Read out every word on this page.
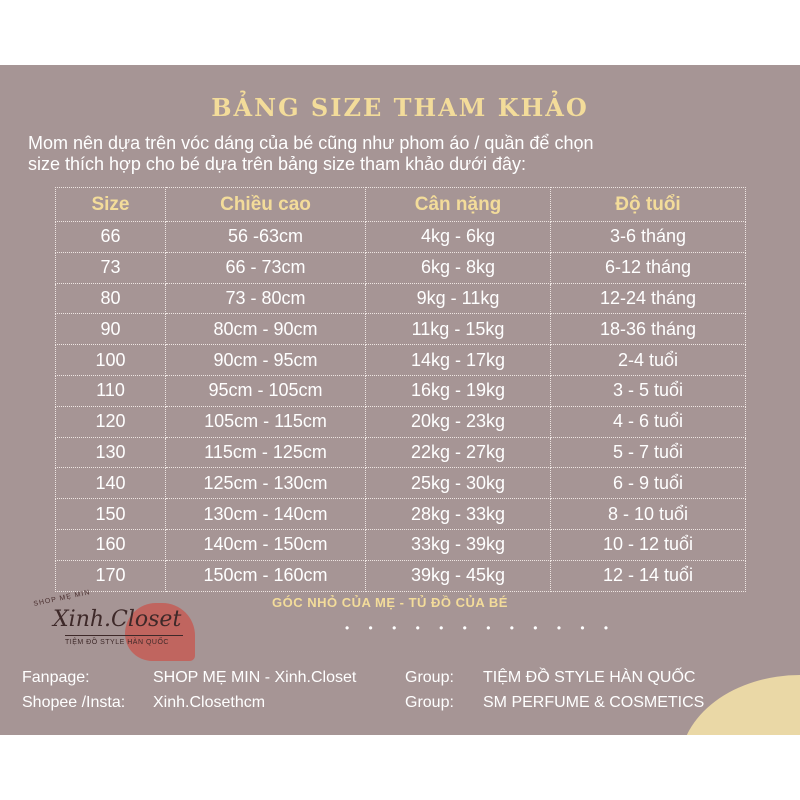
BẢNG SIZE THAM KHẢO
Mom nên dựa trên vóc dáng của bé cũng như phom áo / quần để chọn
size thích hợp cho bé dựa trên bảng size tham khảo dưới đây:
Size	Chiều cao	Cân nặng	Độ tuổi
66	56 -63cm	4kg - 6kg	3-6 tháng
73	66 - 73cm	6kg - 8kg	6-12 tháng
80	73 - 80cm	9kg - 11kg	12-24 tháng
90	80cm - 90cm	11kg - 15kg	18-36 tháng
100	90cm - 95cm	14kg - 17kg	2-4 tuổi
110	95cm - 105cm	16kg - 19kg	3 - 5 tuổi
120	105cm - 115cm	20kg - 23kg	4 - 6 tuổi
130	115cm - 125cm	22kg - 27kg	5 - 7 tuổi
140	125cm - 130cm	25kg - 30kg	6 - 9 tuổi
150	130cm - 140cm	28kg - 33kg	8 - 10 tuổi
160	140cm - 150cm	33kg - 39kg	10 - 12 tuổi
170	150cm - 160cm	39kg - 45kg	12 - 14 tuổi
SHOP MẸ MIN
Xinh.Closet
TIỆM ĐỒ STYLE HÀN QUỐC
GÓC NHỎ CỦA MẸ - TỦ ĐỒ CỦA BÉ
• • • • • • • • • • • •
Fanpage:	SHOP MẸ MIN - Xinh.Closet
Shopee /Insta: Xinh.Closethcm
Group: TIỆM ĐỒ STYLE HÀN QUỐC
Group: SM PERFUME & COSMETICS
